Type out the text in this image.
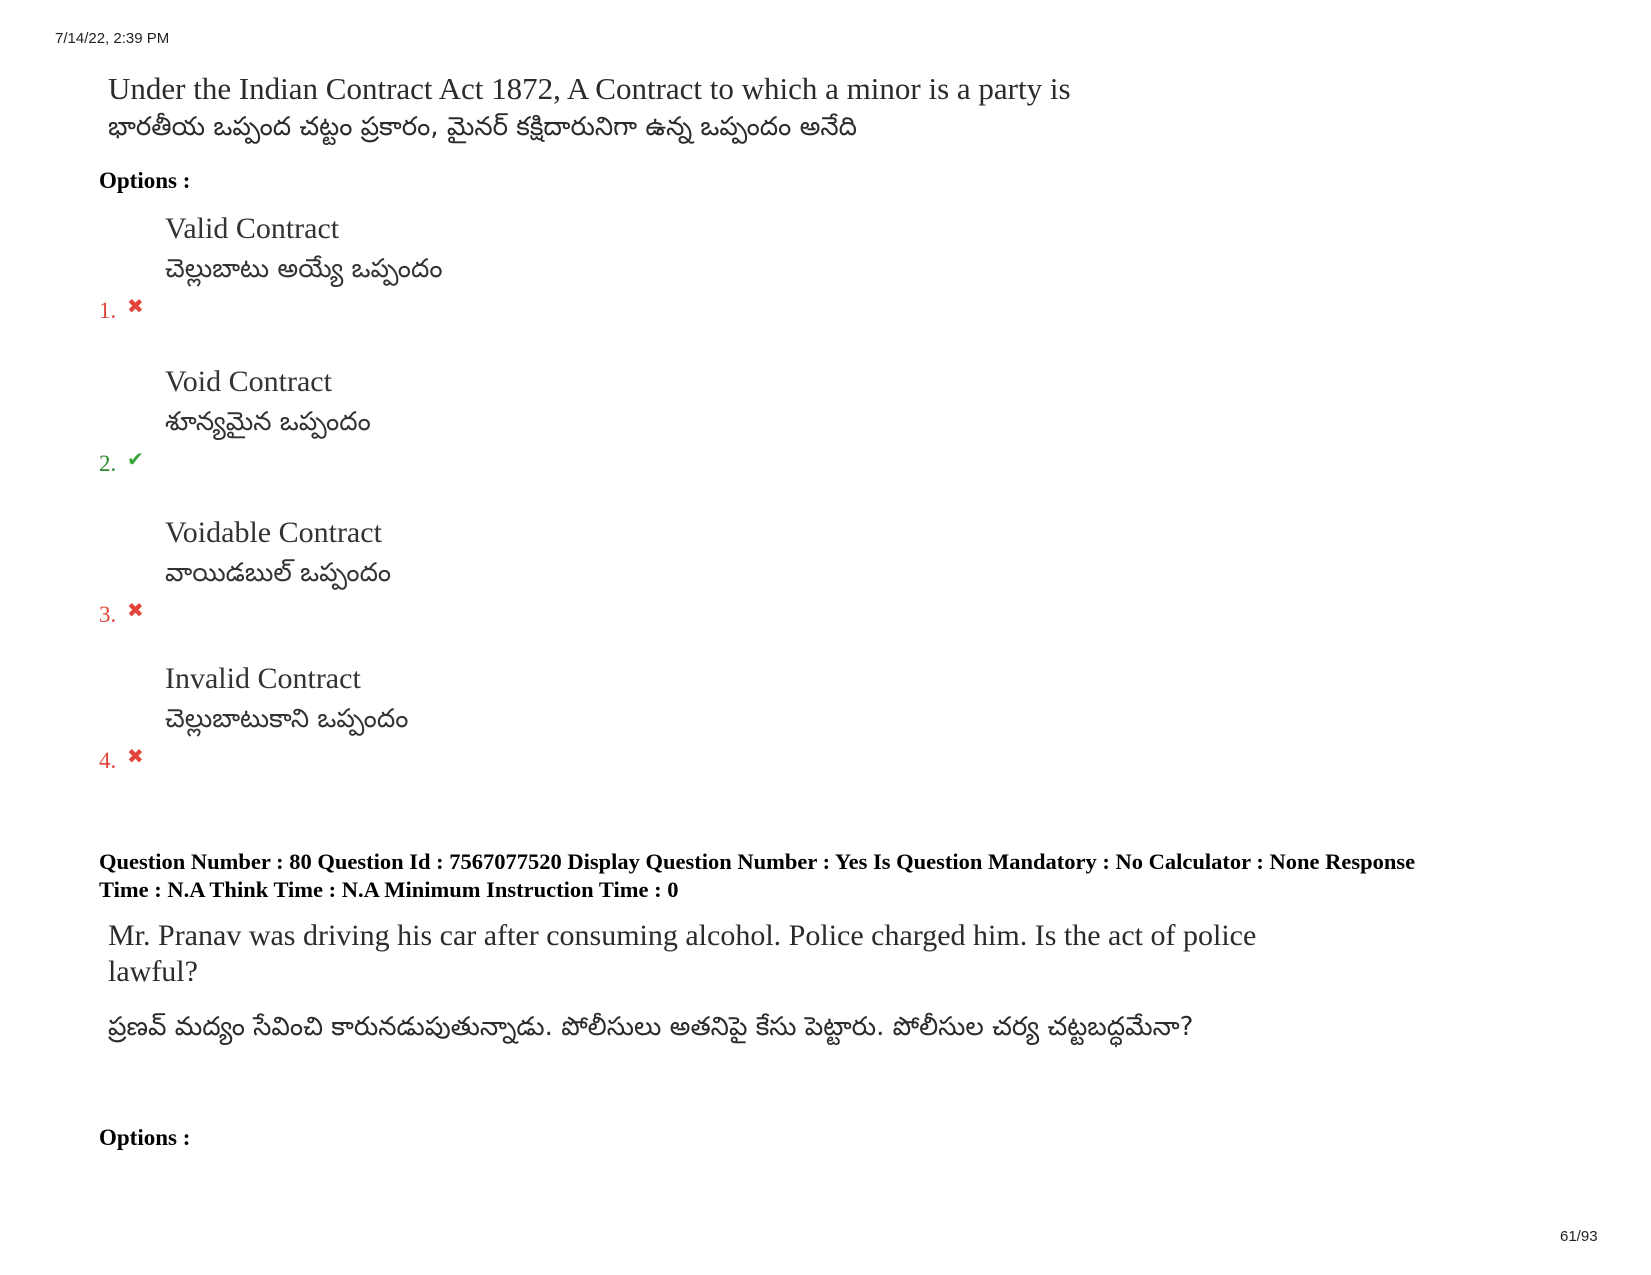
7/14/22, 2:39 PM
Under the Indian Contract Act 1872, A Contract to which a minor is a party is
భారతీయ ఒప్పంద చట్టం ప్రకారం, మైనర్ కక్షిదారునిగా ఉన్న ఒప్పందం అనేది
Options :
Valid Contract
చెల్లుబాటు అయ్యే ఒప్పందం
1. ✖
Void Contract
శూన్యమైన ఒప్పందం
2. ✔
Voidable Contract
వాయిడబుల్ ఒప్పందం
3. ✖
Invalid Contract
చెల్లుబాటుకాని ఒప్పందం
4. ✖
Question Number : 80 Question Id : 7567077520 Display Question Number : Yes Is Question Mandatory : No Calculator : None Response
Time : N.A Think Time : N.A Minimum Instruction Time : 0
Mr. Pranav was driving his car after consuming alcohol. Police charged him. Is the act of police lawful?
ప్రణవ్ మద్యం సేవించి కారునడుపుతున్నాడు. పోలీసులు అతనిపై కేసు పెట్టారు. పోలీసుల చర్య చట్టబద్ధమేనా?
Options :
61/93
